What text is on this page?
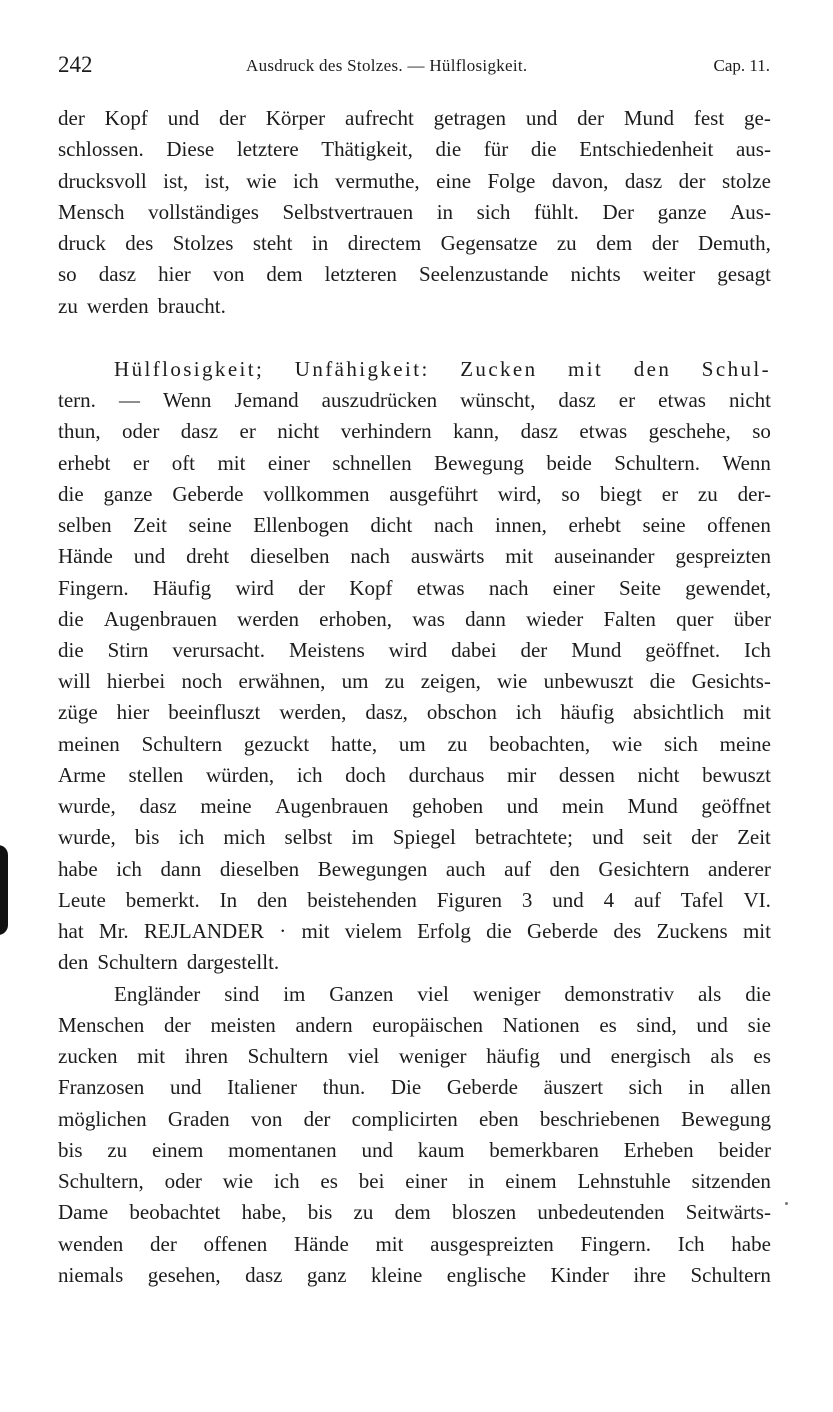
242	Ausdruck des Stolzes. — Hülflosigkeit.	Cap. 11.
der Kopf und der Körper aufrecht getragen und der Mund fest ge-
schlossen. Diese letztere Thätigkeit, die für die Entschiedenheit aus-
drucksvoll ist, ist, wie ich vermuthe, eine Folge davon, dasz der stolze
Mensch vollständiges Selbstvertrauen in sich fühlt. Der ganze Aus-
druck des Stolzes steht in directem Gegensatze zu dem der Demuth,
so dasz hier von dem letzteren Seelenzustande nichts weiter gesagt
zu werden braucht.
Hülflosigkeit; Unfähigkeit: Zucken mit den Schul-
tern. — Wenn Jemand auszudrücken wünscht, dasz er etwas nicht
thun, oder dasz er nicht verhindern kann, dasz etwas geschehe, so
erhebt er oft mit einer schnellen Bewegung beide Schultern. Wenn
die ganze Geberde vollkommen ausgeführt wird, so biegt er zu der-
selben Zeit seine Ellenbogen dicht nach innen, erhebt seine offenen
Hände und dreht dieselben nach auswärts mit auseinander gespreizten
Fingern. Häufig wird der Kopf etwas nach einer Seite gewendet,
die Augenbrauen werden erhoben, was dann wieder Falten quer über
die Stirn verursacht. Meistens wird dabei der Mund geöffnet. Ich
will hierbei noch erwähnen, um zu zeigen, wie unbewuszt die Gesichts-
züge hier beeinfluszt werden, dasz, obschon ich häufig absichtlich mit
meinen Schultern gezuckt hatte, um zu beobachten, wie sich meine
Arme stellen würden, ich doch durchaus mir dessen nicht bewuszt
wurde, dasz meine Augenbrauen gehoben und mein Mund geöffnet
wurde, bis ich mich selbst im Spiegel betrachtete; und seit der Zeit
habe ich dann dieselben Bewegungen auch auf den Gesichtern anderer
Leute bemerkt. In den beistehenden Figuren 3 und 4 auf Tafel VI.
hat Mr. REJLANDER · mit vielem Erfolg die Geberde des Zuckens mit
den Schultern dargestellt.
Engländer sind im Ganzen viel weniger demonstrativ als die
Menschen der meisten andern europäischen Nationen es sind, und sie
zucken mit ihren Schultern viel weniger häufig und energisch als es
Franzosen und Italiener thun. Die Geberde äuszert sich in allen
möglichen Graden von der complicirten eben beschriebenen Bewegung
bis zu einem momentanen und kaum bemerkbaren Erheben beider
Schultern, oder wie ich es bei einer in einem Lehnstuhle sitzenden
Dame beobachtet habe, bis zu dem bloszen unbedeutenden Seitwärts-
wenden der offenen Hände mit ausgespreizten Fingern. Ich habe
niemals gesehen, dasz ganz kleine englische Kinder ihre Schultern
